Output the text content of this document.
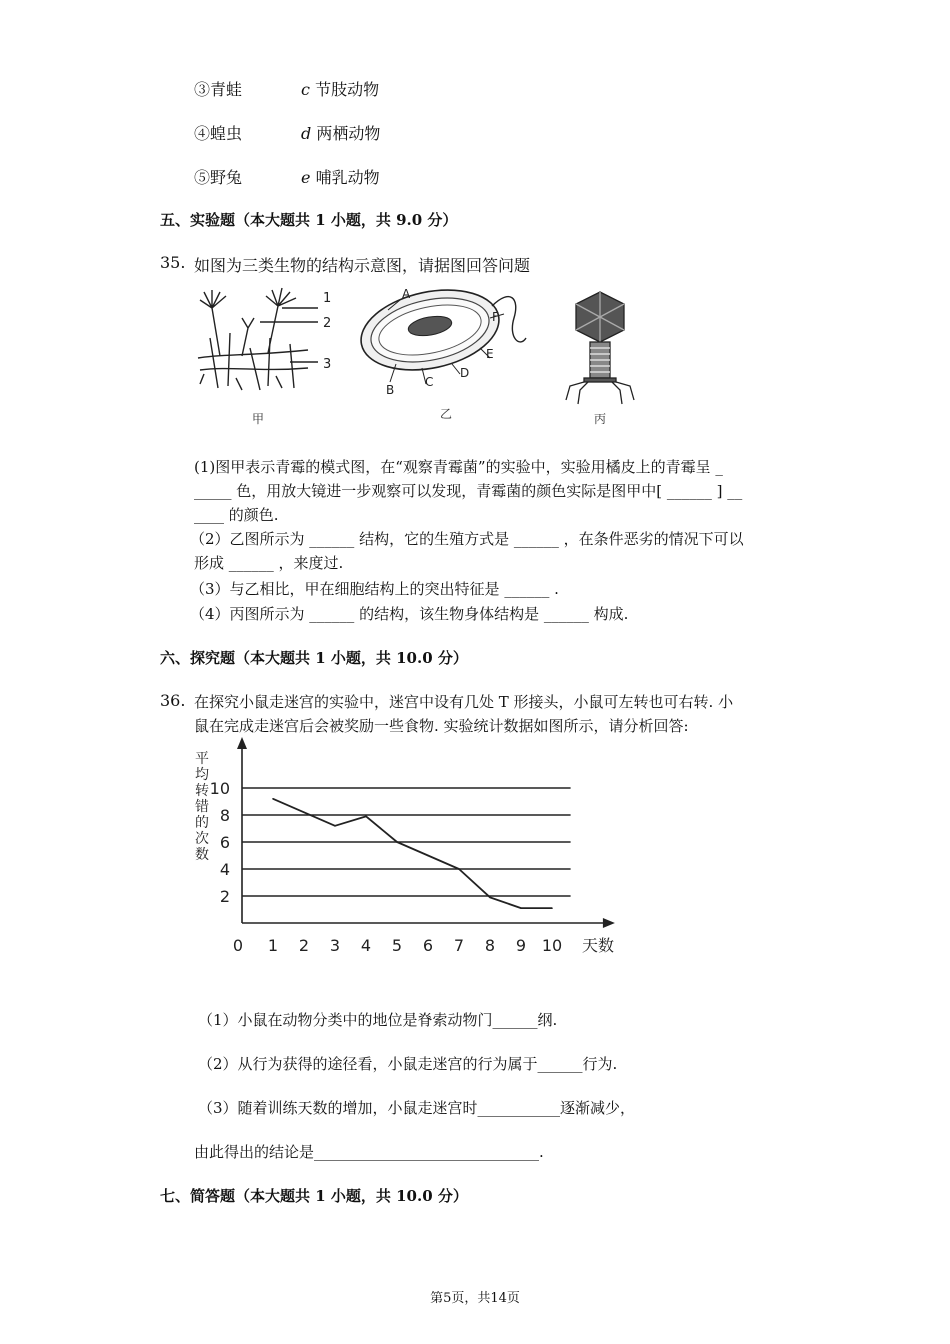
③青蛙	c 节肢动物
④蝗虫	d 两栖动物
⑤野兔	e 哺乳动物
五、实验题（本大题共 1 小题，共 9.0 分）
35. 如图为三类生物的结构示意图，请据图回答问题
1
2
3
甲
A
B
C
D
E
F
乙	丙
(1)图甲表示青霉的模式图，在“观察青霉菌”的实验中，实验用橘皮上的青霉呈 _
_____ 色，用放大镜进一步观察可以发现，青霉菌的颜色实际是图甲中[ ______ ] __
____ 的颜色.
（2）乙图所示为 ______ 结构，它的生殖方式是 ______ ，在条件恶劣的情况下可以
形成 ______ ，来度过.
（3）与乙相比，甲在细胞结构上的突出特征是 ______ .
（4）丙图所示为 ______ 的结构，该生物身体结构是 ______ 构成.
六、探究题（本大题共 1 小题，共 10.0 分）
36. 在探究小鼠走迷宫的实验中，迷宫中设有几处 T 形接头，小鼠可左转也可右转. 小
鼠在完成走迷宫后会被奖励一些食物. 实验统计数据如图所示，请分析回答:
平
均
转
错
的
次
数
2
4
6
8
10
0 1 2 3 4 5 6 7 8 9 10 天数
（1）小鼠在动物分类中的地位是脊索动物门______纲.
（2）从行为获得的途径看，小鼠走迷宫的行为属于______行为.
（3）随着训练天数的增加，小鼠走迷宫时___________逐渐减少，
由此得出的结论是______________________________.
七、简答题（本大题共 1 小题，共 10.0 分）
第5页，共14页
